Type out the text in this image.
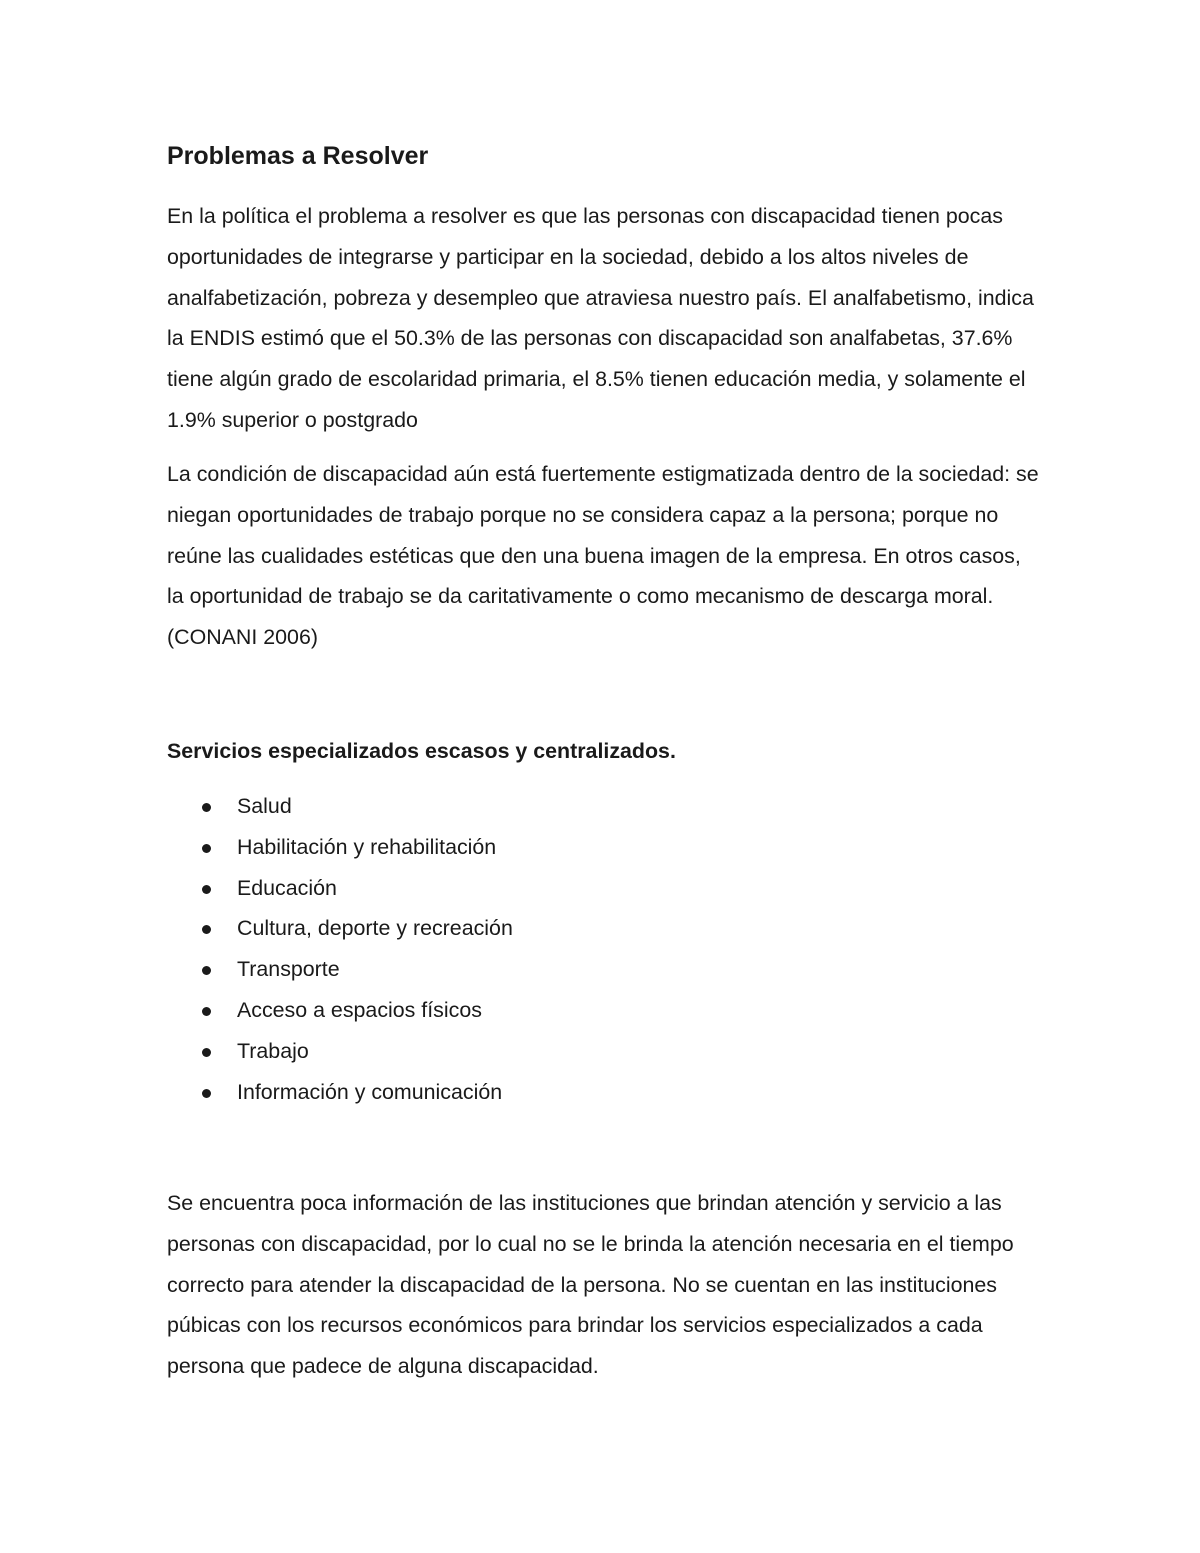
Problemas a Resolver

En la política el problema a resolver es que las personas con discapacidad tienen pocas oportunidades de integrarse y participar en la sociedad, debido a los altos niveles de analfabetización, pobreza y desempleo que atraviesa nuestro país. El analfabetismo, indica la ENDIS estimó que el 50.3% de las personas con discapacidad son analfabetas, 37.6% tiene algún grado de escolaridad primaria, el 8.5% tienen educación media, y solamente el 1.9% superior o postgrado

La condición de discapacidad aún está fuertemente estigmatizada dentro de la sociedad: se niegan oportunidades de trabajo porque no se considera capaz a la persona; porque no reúne las cualidades estéticas que den una buena imagen de la empresa. En otros casos, la oportunidad de trabajo se da caritativamente o como mecanismo de descarga moral. (CONANI 2006)

Servicios especializados escasos y centralizados.
Salud
Habilitación y rehabilitación
Educación
Cultura, deporte y recreación
Transporte
Acceso a espacios físicos
Trabajo
Información y comunicación

Se encuentra poca información de las instituciones que brindan atención y servicio a las personas con discapacidad, por lo cual no se le brinda la atención necesaria en el tiempo correcto para atender la discapacidad de la persona. No se cuentan en las instituciones púbicas con los recursos económicos para brindar los servicios especializados a cada persona que padece de alguna discapacidad.
